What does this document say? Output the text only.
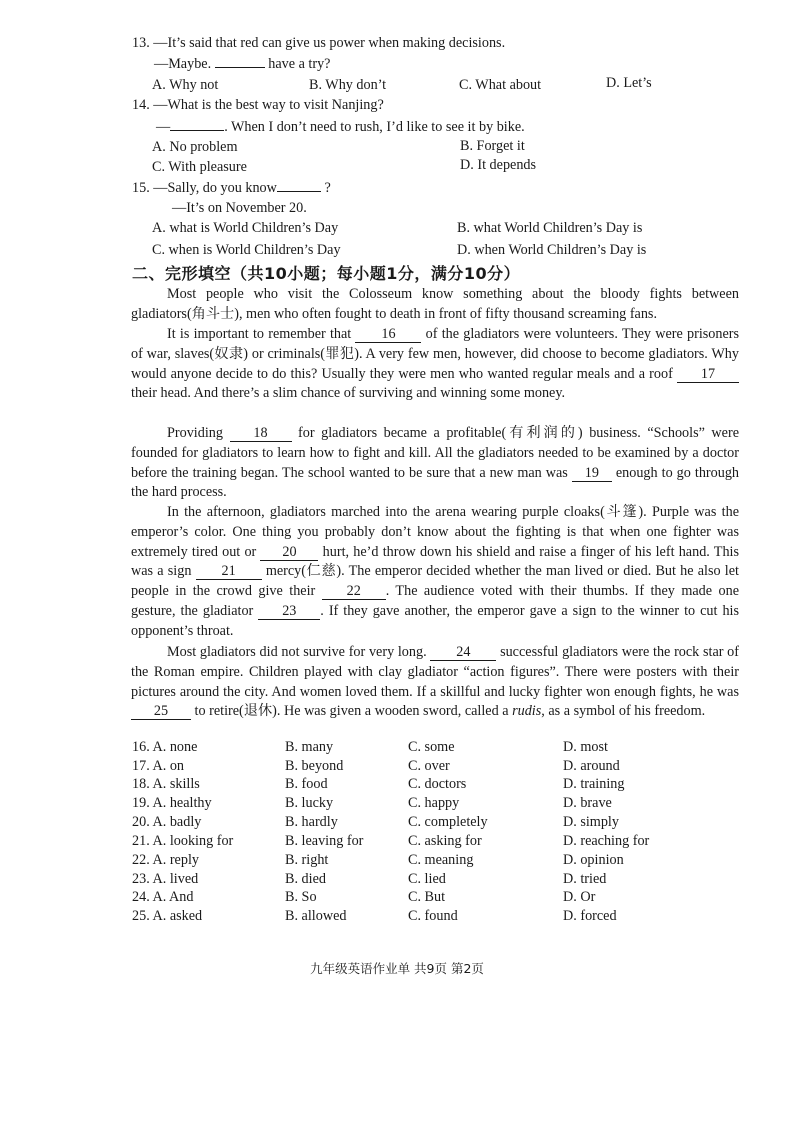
13. —It’s said that red can give us power when making decisions.
—Maybe.	have a try?
A. Why not	B. Why don’t	C. What about	D. Let’s
14. —What is the best way to visit Nanjing?
—	. When I don’t need to rush, I’d like to see it by bike.
A. No problem	B. Forget it
C. With pleasure	D. It depends
15. —Sally, do you know	?
—It’s on November 20.
A. what is World Children’s Day	B. what World Children’s Day is
C. when is World Children’s Day	D. when World Children’s Day is
二、完形填空（共10小题；每小题1分，满分10分）
Most people who visit the Colosseum know something about the bloody fights between gladiators(角斗士), men who often fought to death in front of fifty thousand screaming fans.
It is important to remember that 16 of the gladiators were volunteers. They were prisoners of war, slaves(奴隶) or criminals(罪犯). A very few men, however, did choose to become gladiators. Why would anyone decide to do this? Usually they were men who wanted regular meals and a roof 17 their head. And there’s a slim chance of surviving and winning some money.
Providing 18 for gladiators became a profitable(有利润的) business. “Schools” were founded for gladiators to learn how to fight and kill. All the gladiators needed to be examined by a doctor before the training began. The school wanted to be sure that a new man was 19 enough to go through the hard process.
In the afternoon, gladiators marched into the arena wearing purple cloaks(斗篷). Purple was the emperor’s color. One thing you probably don’t know about the fighting is that when one fighter was extremely tired out or 20 hurt, he’d throw down his shield and raise a finger of his left hand. This was a sign 21 mercy(仁慈). The emperor decided whether the man lived or died. But he also let people in the crowd give their 22 . The audience voted with their thumbs. If they made one gesture, the gladiator 23 . If they gave another, the emperor gave a sign to the winner to cut his opponent’s throat.
Most gladiators did not survive for very long. 24 successful gladiators were the rock star of the Roman empire. Children played with clay gladiator “action figures”. There were posters with their pictures around the city. And women loved them. If a skillful and lucky fighter won enough fights, he was 25 to retire(退休). He was given a wooden sword, called a rudis, as a symbol of his freedom.
16. A. none	B. many	C. some	D. most
17. A. on	B. beyond	C. over	D. around
18. A. skills	B. food	C. doctors	D. training
19. A. healthy	B. lucky	C. happy	D. brave
20. A. badly	B. hardly	C. completely	D. simply
21. A. looking for	B. leaving for	C. asking for	D. reaching for
22. A. reply	B. right	C. meaning	D. opinion
23. A. lived	B. died	C. lied	D. tried
24. A. And	B. So	C. But	D. Or
25. A. asked	B. allowed	C. found	D. forced
九年级英语作业单 共9页 第2页
